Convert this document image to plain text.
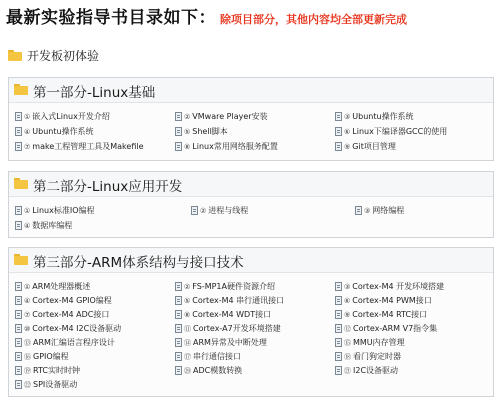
最新实验指导书目录如下： 除项目部分，其他内容均全部更新完成
开发板初体验
第一部分-Linux基础
① 嵌入式Linux开发介绍	② VMware Player安装	③ Ubuntu操作系统
④ Ubuntu操作系统	⑤ Shell脚本	⑥ Linux下编译器GCC的使用
⑦ make工程管理工具及Makefile	⑧ Linux常用网络服务配置	⑨ Git项目管理
第二部分-Linux应用开发
① Linux标准IO编程	② 进程与线程	③ 网络编程
④ 数据库编程
第三部分-ARM体系结构与接口技术
① ARM处理器概述	② FS-MP1A硬件资源介绍	③ Cortex-M4 开发环境搭建
④ Cortex-M4 GPIO编程	⑤ Cortex-M4 串行通讯接口	⑥ Cortex-M4 PWM接口
⑦ Cortex-M4 ADC接口	⑧ Cortex-M4 WDT接口	⑨ Cortex-M4 RTC接口
⑩ Cortex-M4 I2C设备驱动	⑪ Cortex-A7开发环境搭建	⑫ Cortex-ARM V7指令集
⑬ ARM汇编语言程序设计	⑭ ARM异常及中断处理	⑮ MMU内存管理
⑯ GPIO编程	⑰ 串行通信接口	⑱ 看门狗定时器
⑲ RTC实时时钟	⑳ ADC模数转换	㉑ I2C设备驱动
㉒ SPI设备驱动
